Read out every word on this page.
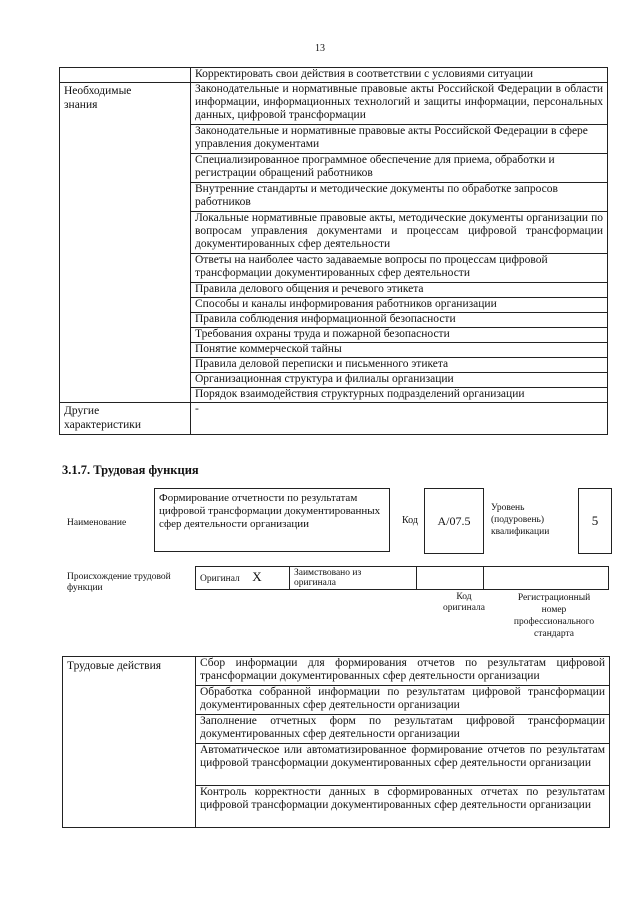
13
	Корректировать свои действия в соответствии с условиями ситуации

Необходимые
знания	Законодательные и нормативные правовые акты Российской Федерации в области информации, информационных технологий и защиты информации, персональных данных, цифровой трансформации
	Законодательные и нормативные правовые акты Российской Федерации в сфере управления документами
	Специализированное программное обеспечение для приема, обработки и регистрации обращений работников
	Внутренние стандарты и методические документы по обработке запросов работников
	Локальные нормативные правовые акты, методические документы организации по вопросам управления документами и процессам цифровой трансформации документированных сфер деятельности
	Ответы на наиболее часто задаваемые вопросы по процессам цифровой трансформации документированных сфер деятельности
	Правила делового общения и речевого этикета
	Способы и каналы информирования работников организации
	Правила соблюдения информационной безопасности
	Требования охраны труда и пожарной безопасности
	Понятие коммерческой тайны
	Правила деловой переписки и письменного этикета
	Организационная структура и филиалы организации
	Порядок взаимодействия структурных подразделений организации

Другие
характеристики	-
3.1.7. Трудовая функция
Наименование
Формирование отчетности по результатам цифровой трансформации документированных сфер деятельности организации	Код	А/07.5
Уровень
(подуровень)
квалификации
5
Происхождение трудовой
функции
Оригинал X	Заимствовано из
оригинала

Код
оригинала
Регистрационный
номер
профессионального
стандарта
Трудовые действия	Сбор информации для формирования отчетов по результатам цифровой трансформации документированных сфер деятельности организации
Обработка собранной информации по результатам цифровой трансформации документированных сфер деятельности организации
Заполнение отчетных форм по результатам цифровой трансформации документированных сфер деятельности организации
Автоматическое или автоматизированное формирование отчетов по результатам цифровой трансформации документированных сфер деятельности организации
Контроль корректности данных в сформированных отчетах по результатам цифровой трансформации документированных сфер деятельности организации
